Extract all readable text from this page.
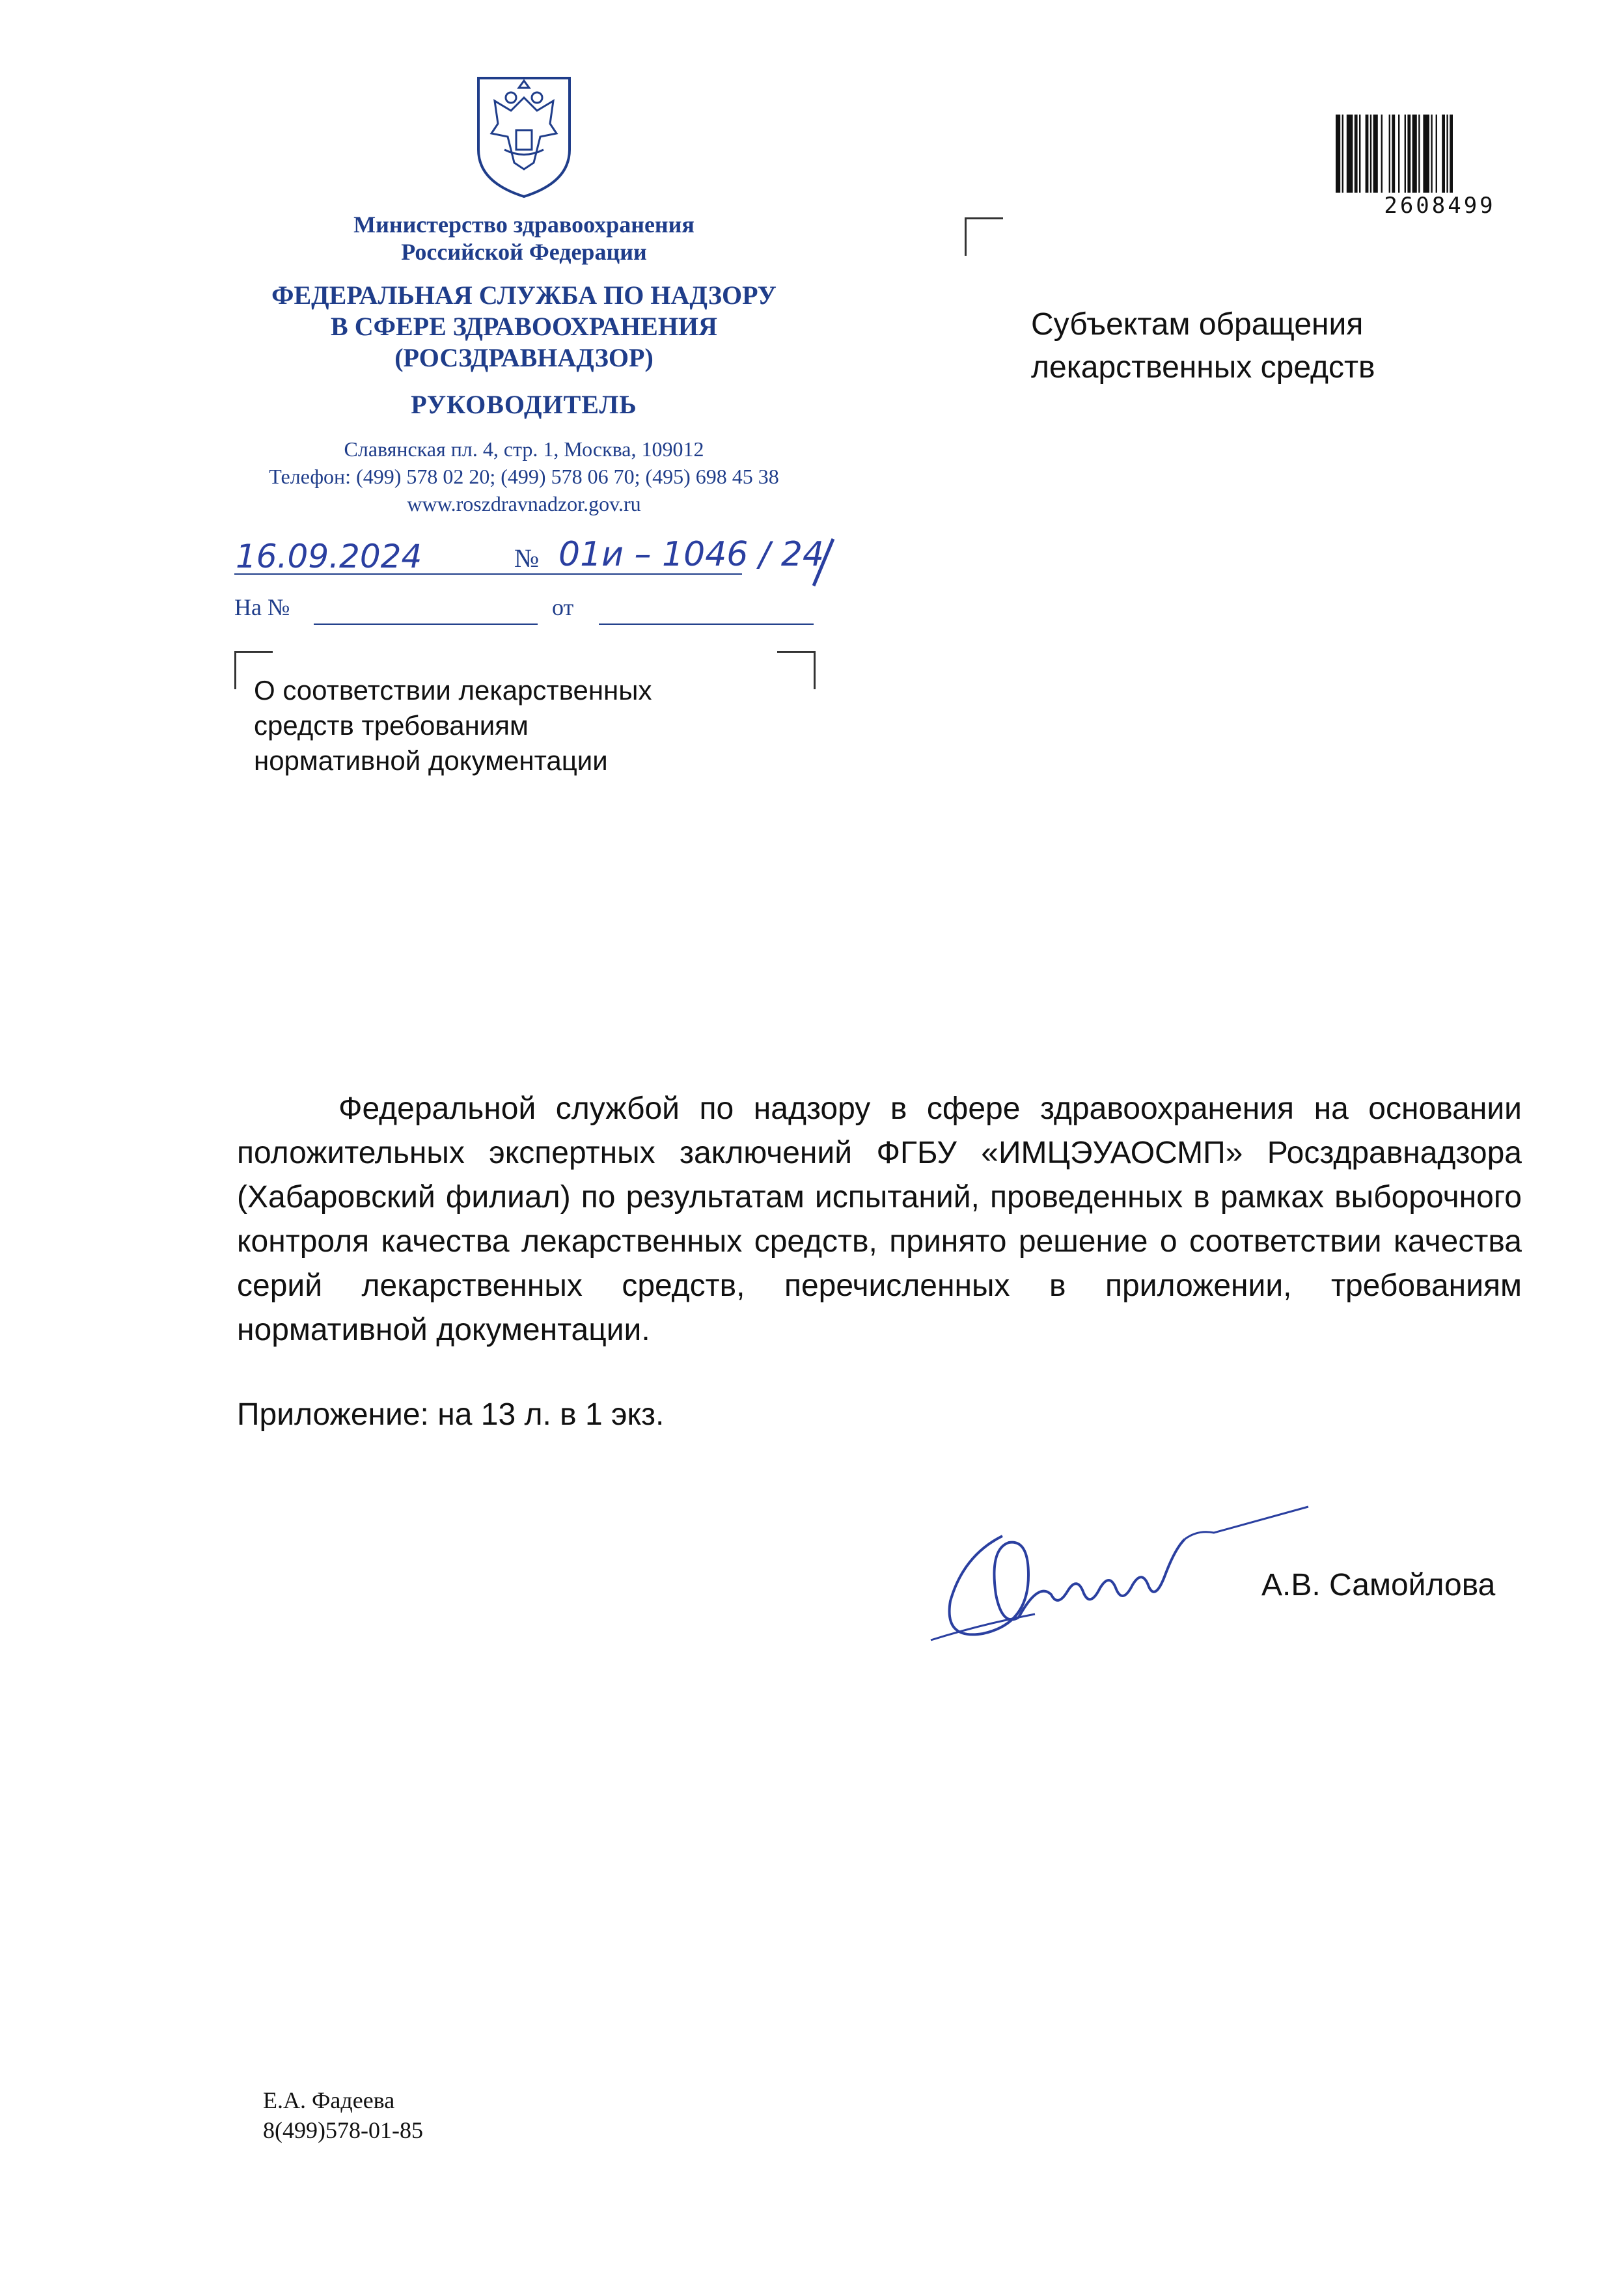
Министерство здравоохранения
Российской Федерации
ФЕДЕРАЛЬНАЯ СЛУЖБА ПО НАДЗОРУ
В СФЕРЕ ЗДРАВООХРАНЕНИЯ
(РОСЗДРАВНАДЗОР)
РУКОВОДИТЕЛЬ
Славянская пл. 4, стр. 1, Москва, 109012
Телефон: (499) 578 02 20; (499) 578 06 70; (495) 698 45 38
www.roszdravnadzor.gov.ru
16.09.2024	№ 01и – 1046 / 24
На №	от
О соответствии лекарственных
средств требованиям
нормативной документации
Субъектам обращения
лекарственных средств
2608499
Федеральной службой по надзору в сфере здравоохранения на основании положительных экспертных заключений ФГБУ «ИМЦЭУАОСМП» Росздравнадзора (Хабаровский филиал) по результатам испытаний, проведенных в рамках выборочного контроля качества лекарственных средств, принято решение о соответствии качества серий лекарственных средств, перечисленных в приложении, требованиям нормативной документации.
Приложение: на 13 л. в 1 экз.
А.В. Самойлова
Е.А. Фадеева
8(499)578-01-85
